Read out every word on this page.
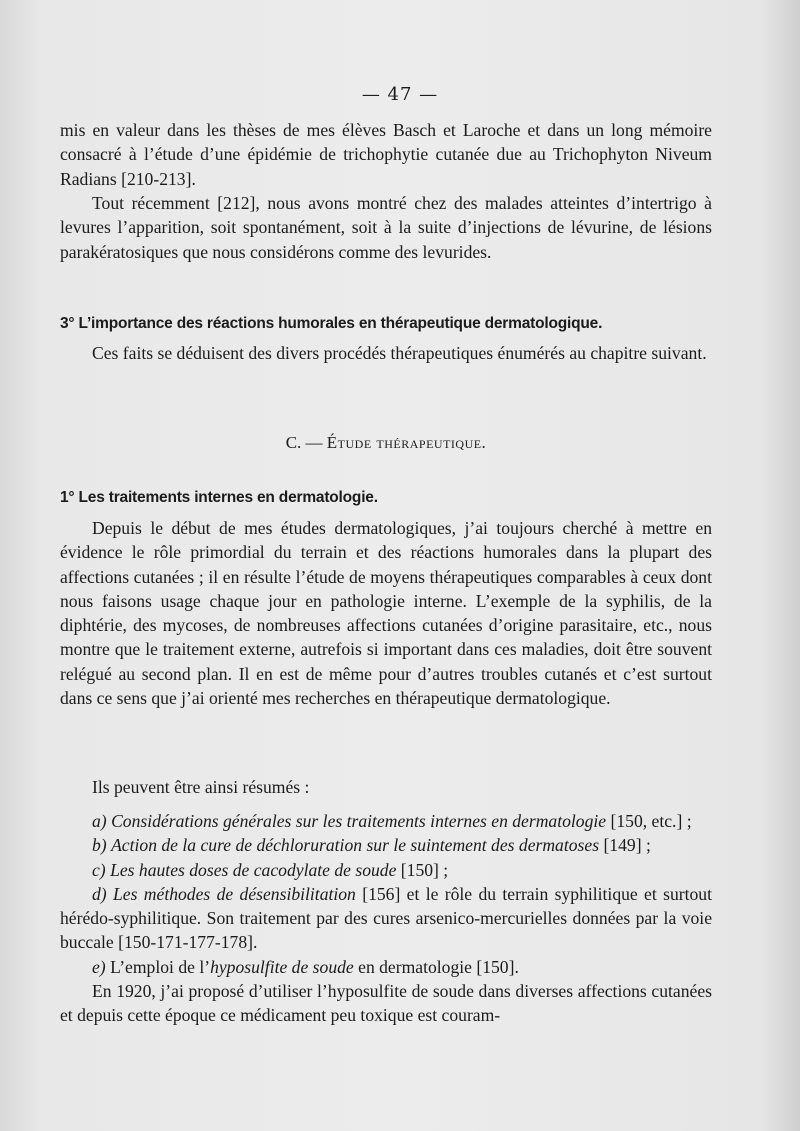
— 47 —

mis en valeur dans les thèses de mes élèves Basch et Laroche et dans un long mémoire consacré à l’étude d’une épidémie de trichophytie cutanée due au Trichophyton Niveum Radians [210-213].

Tout récemment [212], nous avons montré chez des malades atteintes d’intertrigo à levures l’apparition, soit spontanément, soit à la suite d’injections de lévurine, de lésions parakératosiques que nous considérons comme des levurides.

3° L’importance des réactions humorales en thérapeutique dermatologique.

Ces faits se déduisent des divers procédés thérapeutiques énumérés au chapitre suivant.

C. — Étude thérapeutique.

1° Les traitements internes en dermatologie.

Depuis le début de mes études dermatologiques, j’ai toujours cherché à mettre en évidence le rôle primordial du terrain et des réactions humorales dans la plupart des affections cutanées ; il en résulte l’étude de moyens thérapeutiques comparables à ceux dont nous faisons usage chaque jour en pathologie interne. L’exemple de la syphilis, de la diphtérie, des mycoses, de nombreuses affections cutanées d’origine parasitaire, etc., nous montre que le traitement externe, autrefois si important dans ces maladies, doit être souvent relégué au second plan. Il en est de même pour d’autres troubles cutanés et c’est surtout dans ce sens que j’ai orienté mes recherches en thérapeutique dermatologique.

Ils peuvent être ainsi résumés :

a) Considérations générales sur les traitements internes en dermatologie [150, etc.] ;

b) Action de la cure de déchloruration sur le suintement des dermatoses [149] ;

c) Les hautes doses de cacodylate de soude [150] ;

d) Les méthodes de désensibilitation [156] et le rôle du terrain syphilitique et surtout hérédo-syphilitique. Son traitement par des cures arsenico-mercurielles données par la voie buccale [150-171-177-178].

e) L’emploi de l’hyposulfite de soude en dermatologie [150].

En 1920, j’ai proposé d’utiliser l’hyposulfite de soude dans diverses affections cutanées et depuis cette époque ce médicament peu toxique est couram-
